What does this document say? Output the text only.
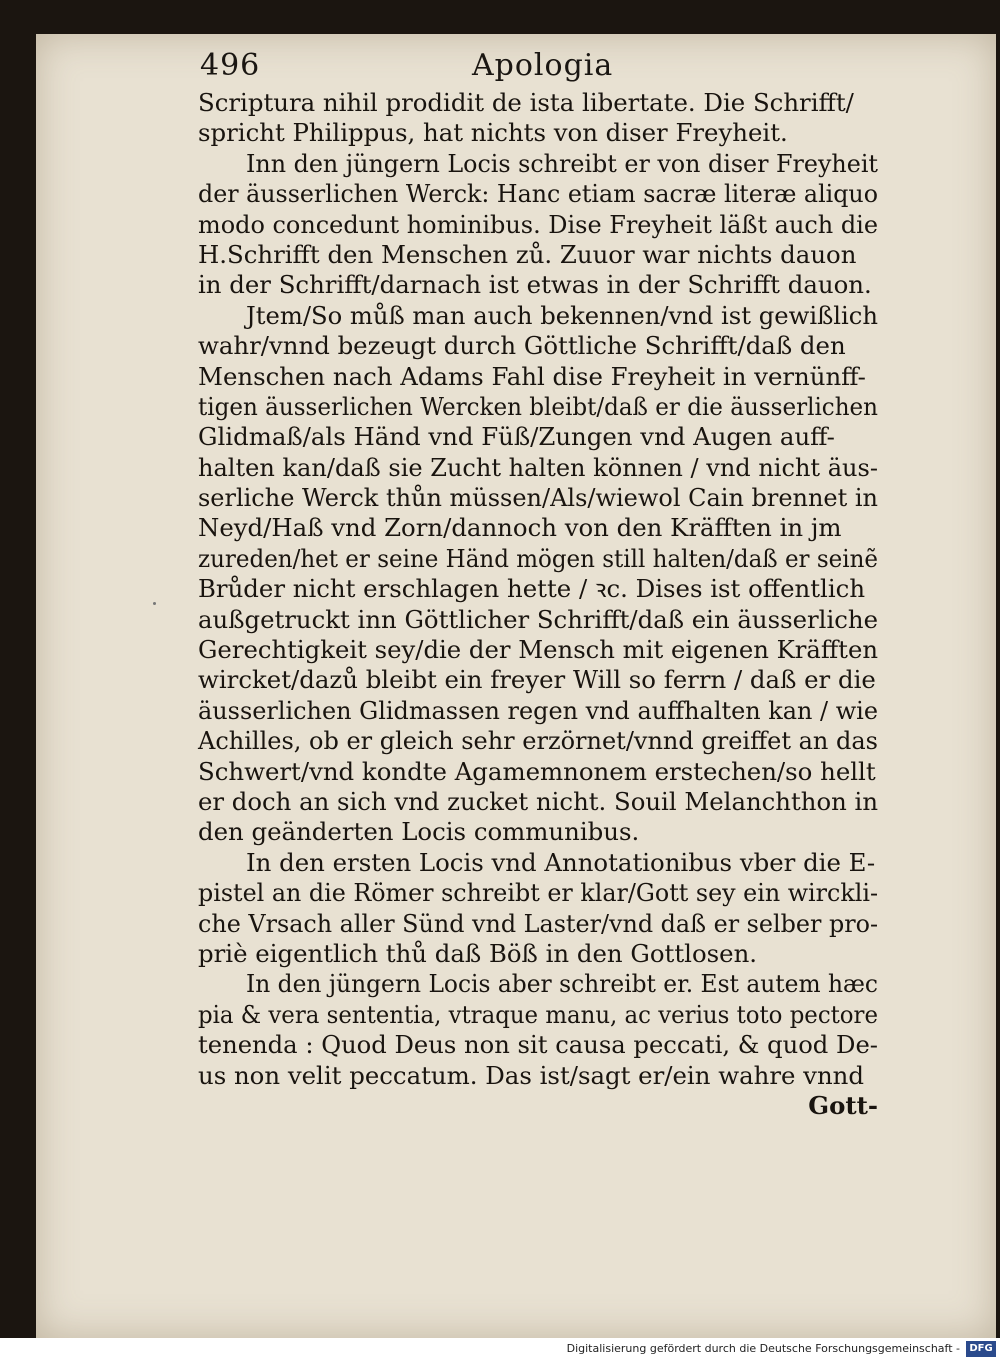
496	Apologia
Scriptura nihil prodidit de ista libertate. Die Schrifft/
spricht Philippus, hat nichts von diser Freyheit.
Inn den jüngern Locis schreibt er von diser Freyheit
der äusserlichen Werck: Hanc etiam sacræ literæ aliquo
modo concedunt hominibus. Dise Freyheit läßt auch die
H.Schrifft den Menschen zů. Zuuor war nichts dauon
in der Schrifft/darnach ist etwas in der Schrifft dauon.
Jtem/So můß man auch bekennen/vnd ist gewißlich
wahr/vnnd bezeugt durch Göttliche Schrifft/daß den
Menschen nach Adams Fahl dise Freyheit in vernünff-
tigen äusserlichen Wercken bleibt/daß er die äusserlichen
Glidmaß/als Händ vnd Füß/Zungen vnd Augen auff-
halten kan/daß sie Zucht halten können / vnd nicht äus-
serliche Werck thůn müssen/Als/wiewol Cain brennet in
Neyd/Haß vnd Zorn/dannoch von den Kräfften in jm
zureden/het er seine Händ mögen still halten/daß er seinẽ
Brůder nicht erschlagen hette / ꝛc. Dises ist offentlich
außgetruckt inn Göttlicher Schrifft/daß ein äusserliche
Gerechtigkeit sey/die der Mensch mit eigenen Kräfften
wircket/dazů bleibt ein freyer Will so ferrn / daß er die
äusserlichen Glidmassen regen vnd auffhalten kan / wie
Achilles, ob er gleich sehr erzörnet/vnnd greiffet an das
Schwert/vnd kondte Agamemnonem erstechen/so hellt
er doch an sich vnd zucket nicht. Souil Melanchthon in
den geänderten Locis communibus.
In den ersten Locis vnd Annotationibus vber die E-
pistel an die Römer schreibt er klar/Gott sey ein wirckli-
che Vrsach aller Sünd vnd Laster/vnd daß er selber pro-
priè eigentlich thů daß Böß in den Gottlosen.
In den jüngern Locis aber schreibt er. Est autem hæc
pia & vera sententia, vtraque manu, ac verius toto pectore
tenenda : Quod Deus non sit causa peccati, & quod De-
us non velit peccatum. Das ist/sagt er/ein wahre vnnd
Gott-
Digitalisierung gefördert durch die Deutsche Forschungsgemeinschaft - DFG
